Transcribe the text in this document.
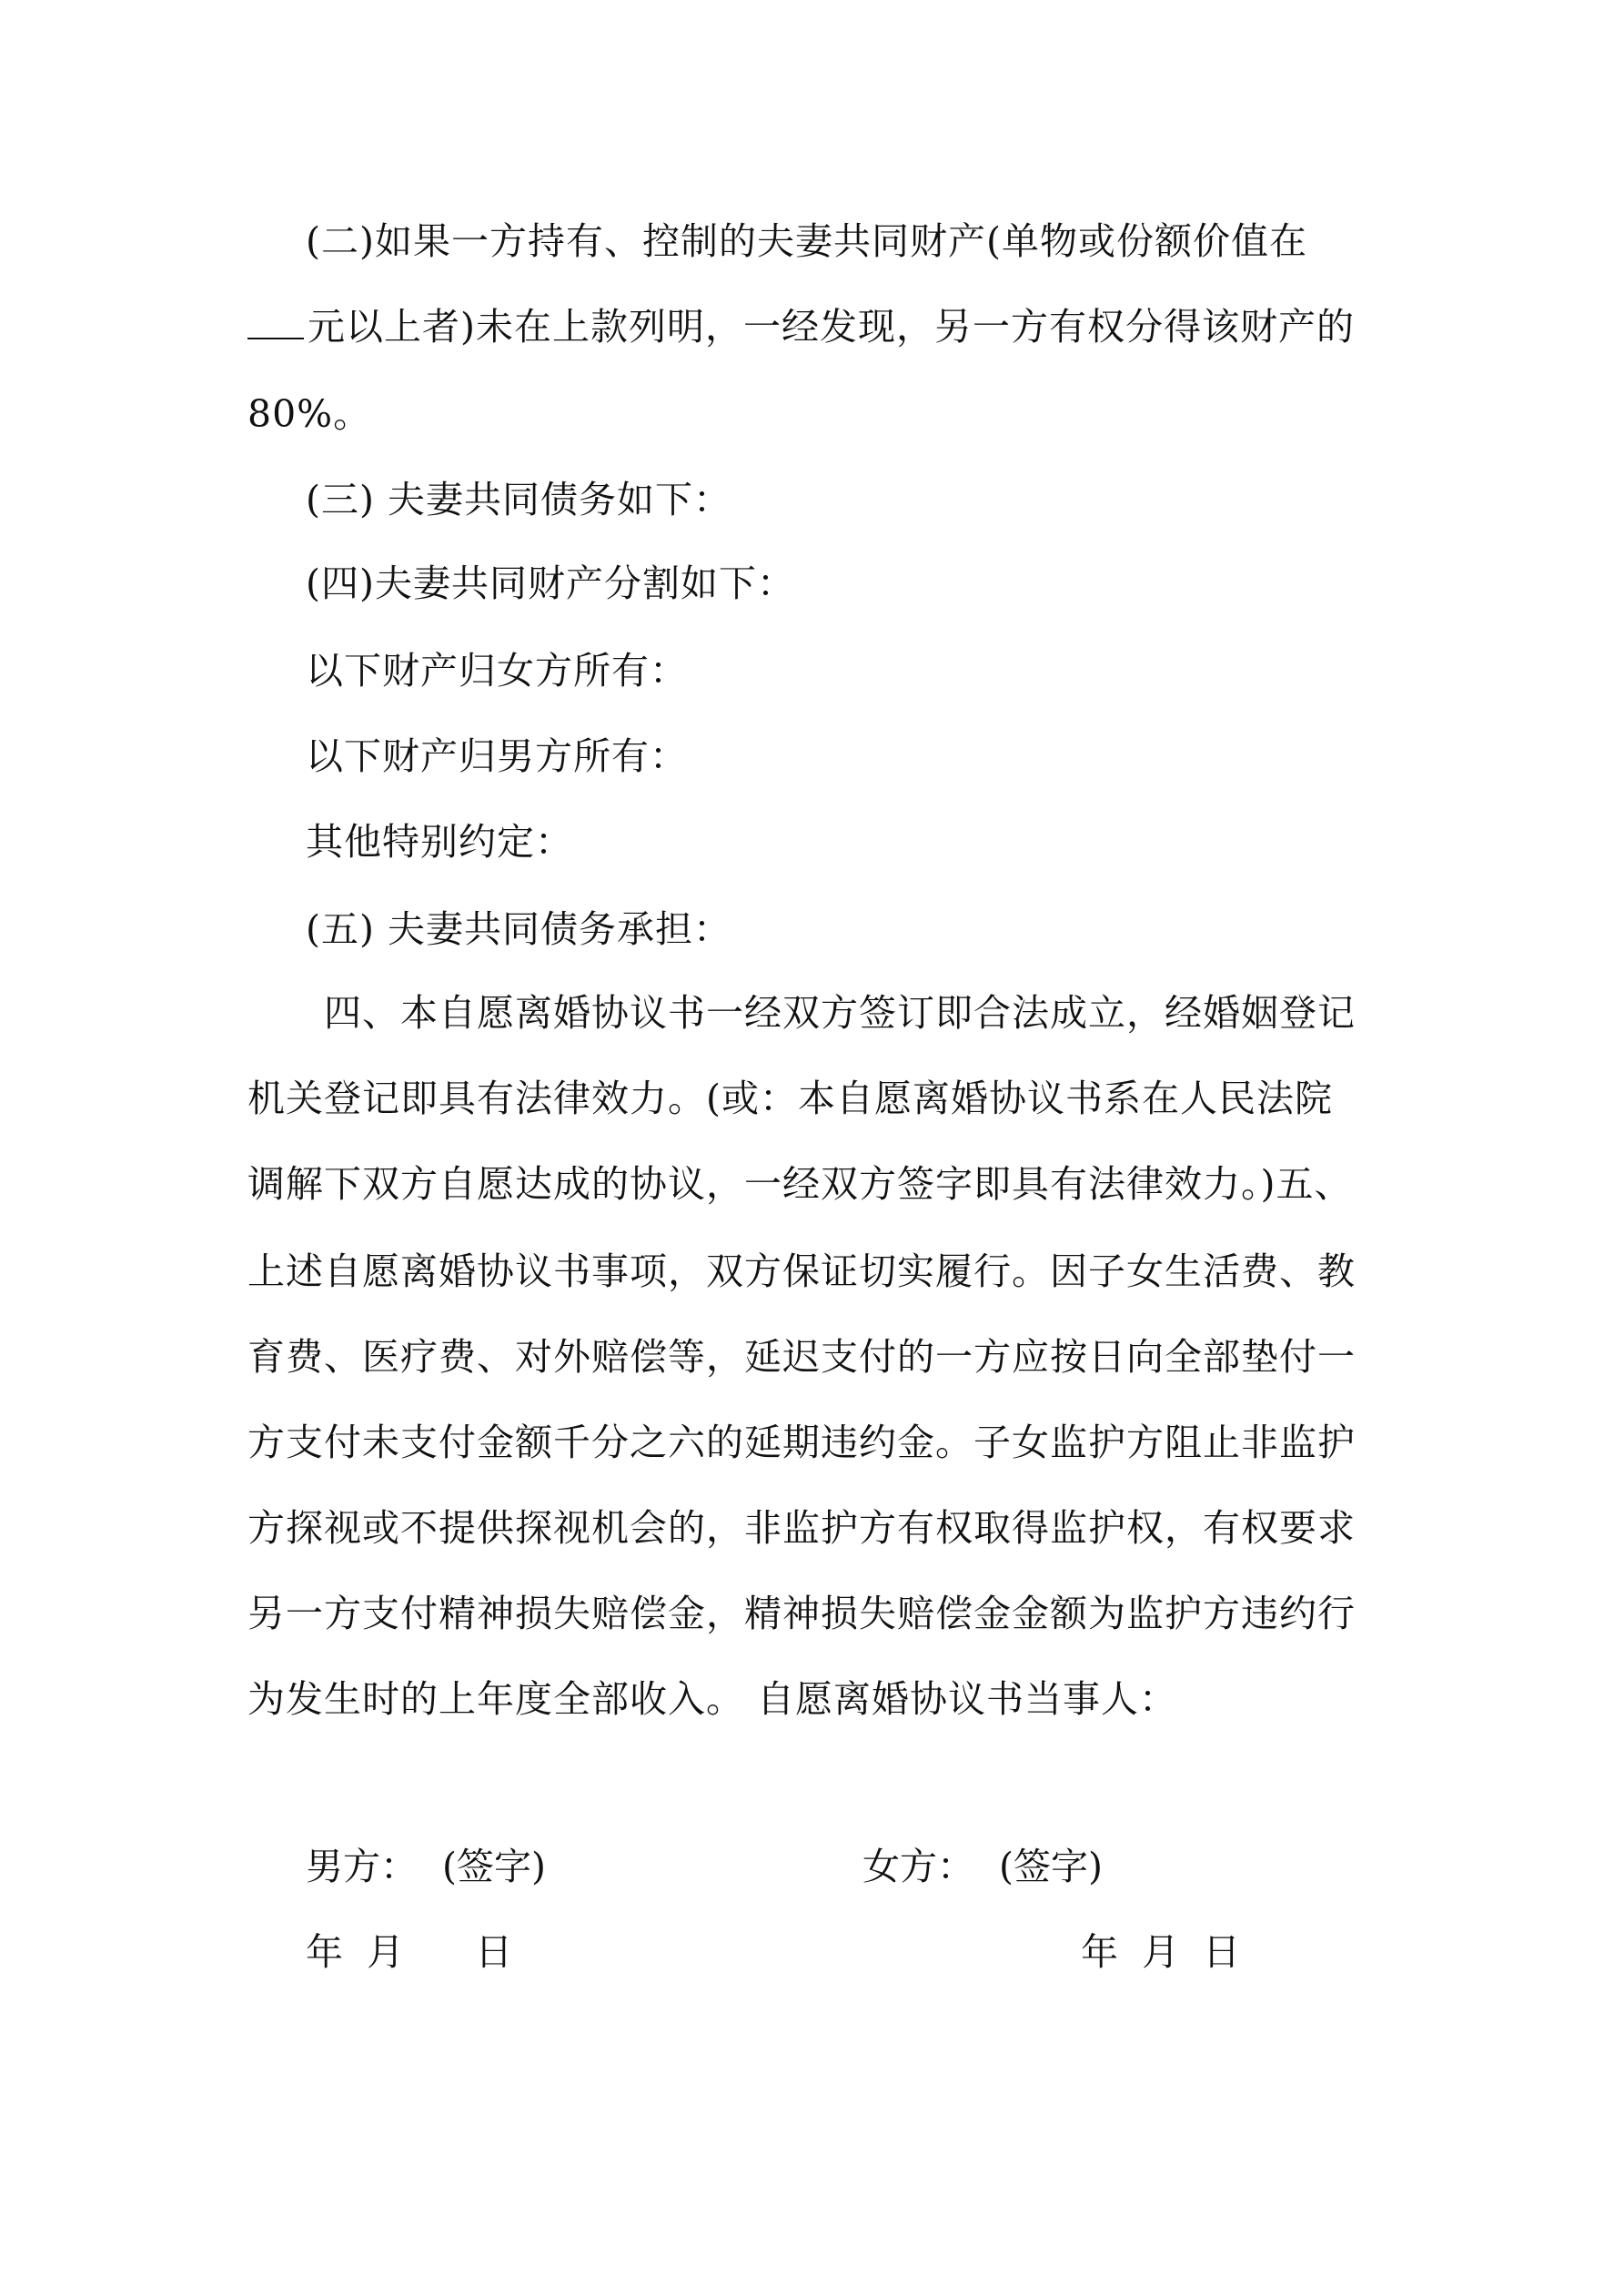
(二)如果一方持有、控制的夫妻共同财产(单物或份额价值在
元以上者)未在上款列明，一经发现，另一方有权分得该财产的
80%。
(三) 夫妻共同债务如下：
(四)夫妻共同财产分割如下：
以下财产归女方所有：
以下财产归男方所有：
其他特别约定：
(五) 夫妻共同债务承担：
四、本自愿离婚协议书一经双方签订即合法成立，经婚姻登记
机关登记即具有法律效力。(或：本自愿离婚协议书系在人民法院
调解下双方自愿达成的协议，一经双方签字即具有法律效力。)五、
上述自愿离婚协议书事项，双方保证切实履行。因子女生活费、教
育费、医疗费、对外赔偿等，延迟支付的一方应按日向全部垫付一
方支付未支付金额千分之六的延期违约金。子女监护方阻止非监护
方探视或不提供探视机会的，非监护方有权取得监护权，有权要求
另一方支付精神损失赔偿金，精神损失赔偿金金额为监护方违约行
为发生时的上年度全部收入。 自愿离婚协议书当事人：
男方： (签字)	女方： (签字)
年  月      日	年  月  日
